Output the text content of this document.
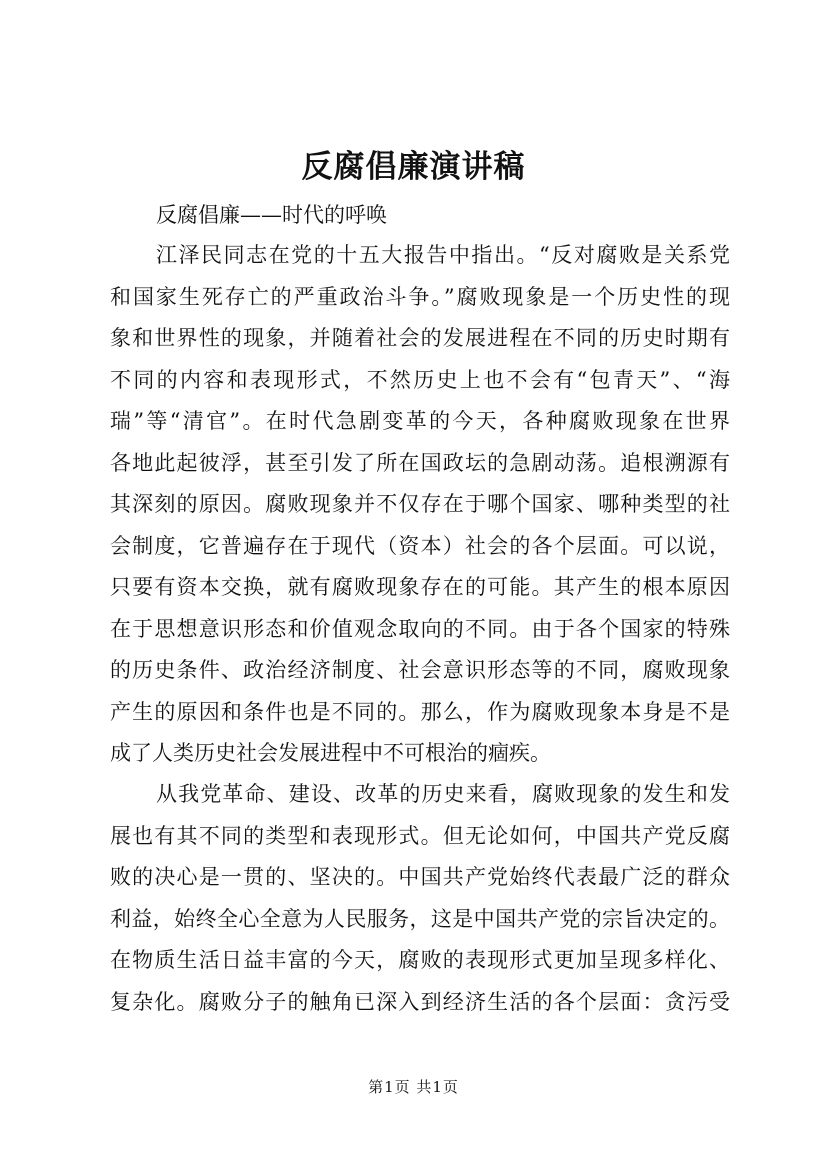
反腐倡廉演讲稿
反腐倡廉——时代的呼唤
江泽民同志在党的十五大报告中指出。“反对腐败是关系党
和国家生死存亡的严重政治斗争。”腐败现象是一个历史性的现
象和世界性的现象，并随着社会的发展进程在不同的历史时期有
不同的内容和表现形式，不然历史上也不会有“包青天”、“海
瑞”等“清官”。在时代急剧变革的今天，各种腐败现象在世界
各地此起彼浮，甚至引发了所在国政坛的急剧动荡。追根溯源有
其深刻的原因。腐败现象并不仅存在于哪个国家、哪种类型的社
会制度，它普遍存在于现代（资本）社会的各个层面。可以说，
只要有资本交换，就有腐败现象存在的可能。其产生的根本原因
在于思想意识形态和价值观念取向的不同。由于各个国家的特殊
的历史条件、政治经济制度、社会意识形态等的不同，腐败现象
产生的原因和条件也是不同的。那么，作为腐败现象本身是不是
成了人类历史社会发展进程中不可根治的痼疾。
从我党革命、建设、改革的历史来看，腐败现象的发生和发
展也有其不同的类型和表现形式。但无论如何，中国共产党反腐
败的决心是一贯的、坚决的。中国共产党始终代表最广泛的群众
利益，始终全心全意为人民服务，这是中国共产党的宗旨决定的。
在物质生活日益丰富的今天，腐败的表现形式更加呈现多样化、
复杂化。腐败分子的触角已深入到经济生活的各个层面：贪污受
第1页 共1页
